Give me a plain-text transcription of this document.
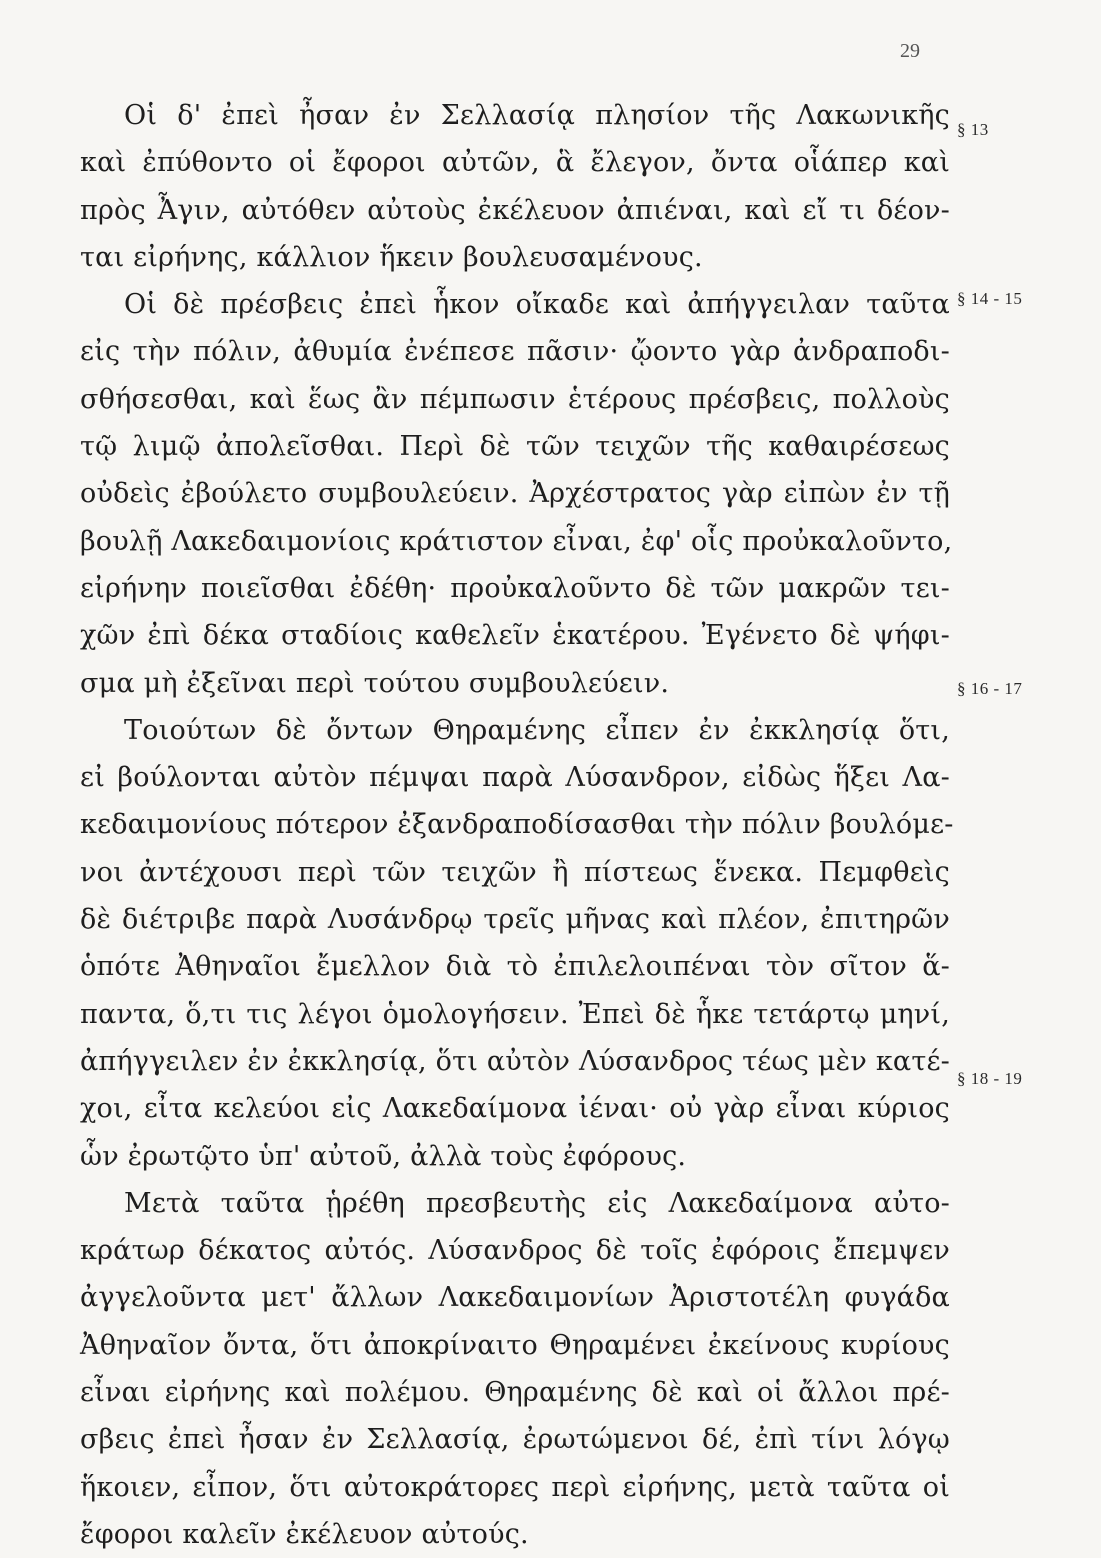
29
Οἱ δ' ἐπεὶ ἦσαν ἐν Σελλασίᾳ πλησίον τῆς Λακωνικῆς
καὶ ἐπύθοντο οἱ ἔφοροι αὐτῶν, ἃ ἔλεγον, ὄντα οἷάπερ καὶ
πρὸς Ἆγιν, αὐτόθεν αὐτοὺς ἐκέλευον ἀπιέναι, καὶ εἴ τι δέον-
ται εἰρήνης, κάλλιον ἥκειν βουλευσαμένους.
Οἱ δὲ πρέσβεις ἐπεὶ ἧκον οἴκαδε καὶ ἀπήγγειλαν ταῦτα
εἰς τὴν πόλιν, ἀθυμία ἐνέπεσε πᾶσιν· ᾤοντο γὰρ ἀνδραποδι-
σθήσεσθαι, καὶ ἕως ἂν πέμπωσιν ἑτέρους πρέσβεις, πολλοὺς
τῷ λιμῷ ἀπολεῖσθαι. Περὶ δὲ τῶν τειχῶν τῆς καθαιρέσεως
οὐδεὶς ἐβούλετο συμβουλεύειν. Ἀρχέστρατος γὰρ εἰπὼν ἐν τῇ
βουλῇ Λακεδαιμονίοις κράτιστον εἶναι, ἐφ' οἷς προὐκαλοῦντο,
εἰρήνην ποιεῖσθαι ἐδέθη· προὐκαλοῦντο δὲ τῶν μακρῶν τει-
χῶν ἐπὶ δέκα σταδίοις καθελεῖν ἑκατέρου. Ἐγένετο δὲ ψήφι-
σμα μὴ ἐξεῖναι περὶ τούτου συμβουλεύειν.
Τοιούτων δὲ ὄντων Θηραμένης εἶπεν ἐν ἐκκλησίᾳ ὅτι,
εἰ βούλονται αὐτὸν πέμψαι παρὰ Λύσανδρον, εἰδὼς ἥξει Λα-
κεδαιμονίους πότερον ἐξανδραποδίσασθαι τὴν πόλιν βουλόμε-
νοι ἀντέχουσι περὶ τῶν τειχῶν ἢ πίστεως ἕνεκα. Πεμφθεὶς
δὲ διέτριβε παρὰ Λυσάνδρῳ τρεῖς μῆνας καὶ πλέον, ἐπιτηρῶν
ὁπότε Ἀθηναῖοι ἔμελλον διὰ τὸ ἐπιλελοιπέναι τὸν σῖτον ἅ-
παντα, ὅ,τι τις λέγοι ὁμολογήσειν. Ἐπεὶ δὲ ἧκε τετάρτῳ μηνί,
ἀπήγγειλεν ἐν ἐκκλησίᾳ, ὅτι αὐτὸν Λύσανδρος τέως μὲν κατέ-
χοι, εἶτα κελεύοι εἰς Λακεδαίμονα ἰέναι· οὐ γὰρ εἶναι κύριος
ὧν ἐρωτῷτο ὑπ' αὐτοῦ, ἀλλὰ τοὺς ἐφόρους.
Μετὰ ταῦτα ᾑρέθη πρεσβευτὴς εἰς Λακεδαίμονα αὐτο-
κράτωρ δέκατος αὐτός. Λύσανδρος δὲ τοῖς ἐφόροις ἔπεμψεν
ἀγγελοῦντα μετ' ἄλλων Λακεδαιμονίων Ἀριστοτέλη φυγάδα
Ἀθηναῖον ὄντα, ὅτι ἀποκρίναιτο Θηραμένει ἐκείνους κυρίους
εἶναι εἰρήνης καὶ πολέμου. Θηραμένης δὲ καὶ οἱ ἄλλοι πρέ-
σβεις ἐπεὶ ἦσαν ἐν Σελλασίᾳ, ἐρωτώμενοι δέ, ἐπὶ τίνι λόγῳ
ἥκοιεν, εἶπον, ὅτι αὐτοκράτορες περὶ εἰρήνης, μετὰ ταῦτα οἱ
ἔφοροι καλεῖν ἐκέλευον αὐτούς.
§ 13
§ 14 - 15
§ 16 - 17
§ 18 - 19
